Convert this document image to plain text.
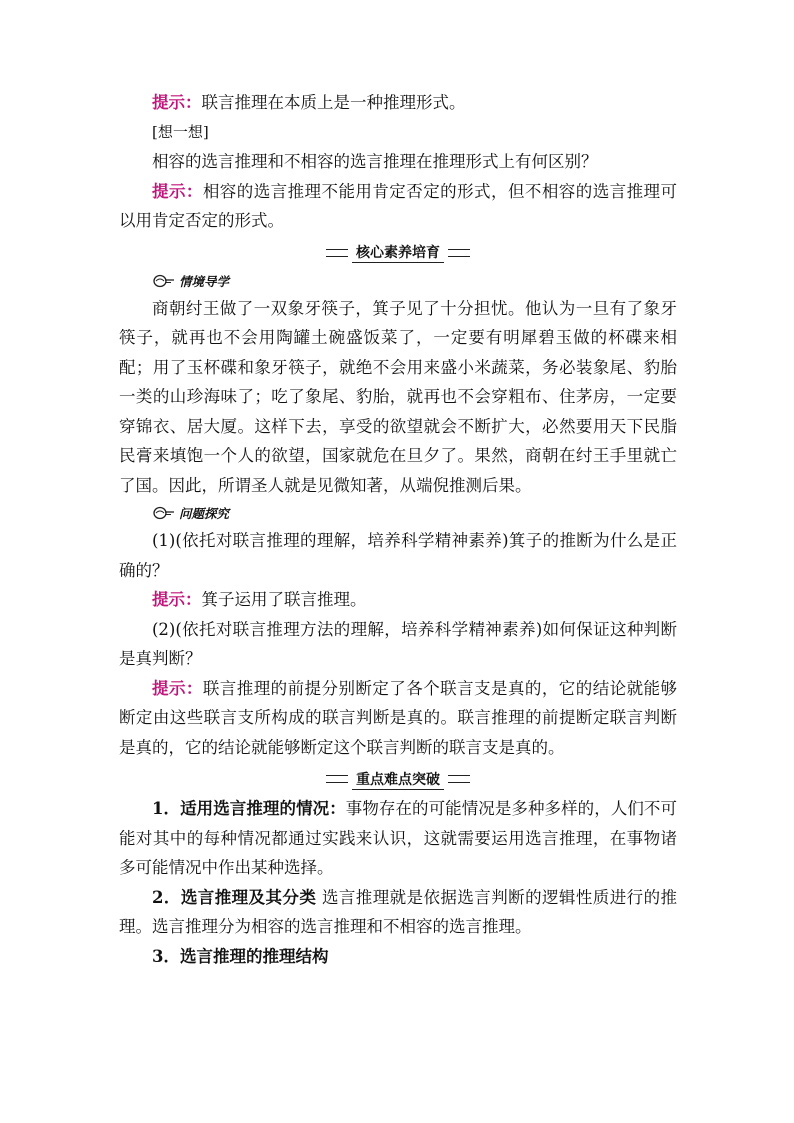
提示：联言推理在本质上是一种推理形式。

[想一想]

相容的选言推理和不相容的选言推理在推理形式上有何区别？

提示：相容的选言推理不能用肯定否定的形式，但不相容的选言推理可以用肯定否定的形式。

核心素养培育
情境导学

商朝纣王做了一双象牙筷子，箕子见了十分担忧。他认为一旦有了象牙筷子，就再也不会用陶罐土碗盛饭菜了，一定要有明犀碧玉做的杯碟来相配；用了玉杯碟和象牙筷子，就绝不会用来盛小米蔬菜，务必装象尾、豹胎一类的山珍海味了；吃了象尾、豹胎，就再也不会穿粗布、住茅房，一定要穿锦衣、居大厦。这样下去，享受的欲望就会不断扩大，必然要用天下民脂民膏来填饱一个人的欲望，国家就危在旦夕了。果然，商朝在纣王手里就亡了国。因此，所谓圣人就是见微知著，从端倪推测后果。

问题探究

(1)(依托对联言推理的理解，培养科学精神素养)箕子的推断为什么是正确的？

提示：箕子运用了联言推理。

(2)(依托对联言推理方法的理解，培养科学精神素养)如何保证这种判断是真判断？

提示：联言推理的前提分别断定了各个联言支是真的，它的结论就能够断定由这些联言支所构成的联言判断是真的。联言推理的前提断定联言判断是真的，它的结论就能够断定这个联言判断的联言支是真的。

重点难点突破

1．适用选言推理的情况：事物存在的可能情况是多种多样的，人们不可能对其中的每种情况都通过实践来认识，这就需要运用选言推理，在事物诸多可能情况中作出某种选择。

2．选言推理及其分类 选言推理就是依据选言判断的逻辑性质进行的推理。选言推理分为相容的选言推理和不相容的选言推理。

3．选言推理的推理结构
